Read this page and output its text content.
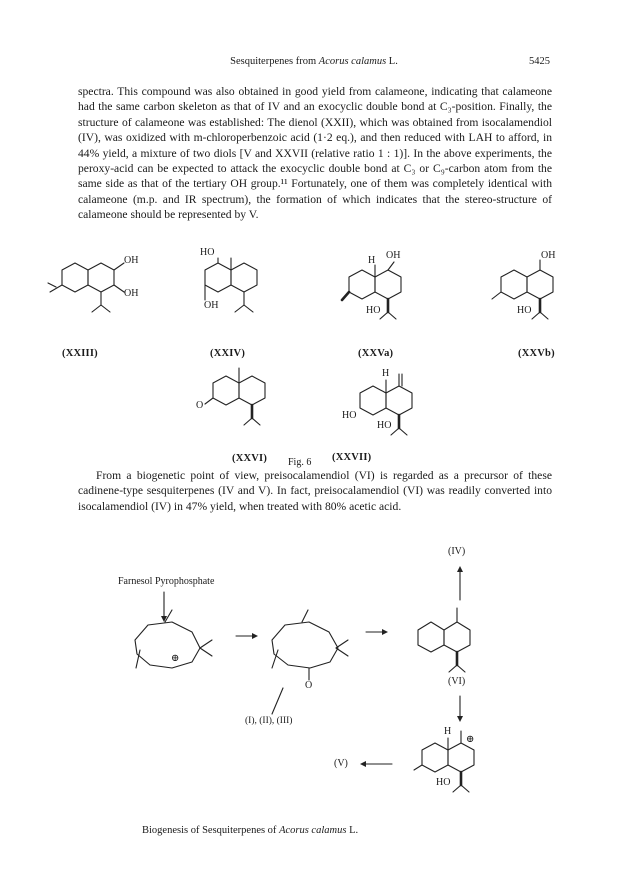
Sesquiterpenes from Acorus calamus L.	5425

spectra. This compound was also obtained in good yield from calameone, indicating that calameone had the same carbon skeleton as that of IV and an exocyclic double bond at C₃-position. Finally, the structure of calameone was established: The dienol (XXII), which was obtained from isocalamendiol (IV), was oxidized with m-chloroperbenzoic acid (1·2 eq.), and then reduced with LAH to afford, in 44% yield, a mixture of two diols [V and XXVII (relative ratio 1 : 1)]. In the above experiments, the peroxy-acid can be expected to attack the exocyclic double bond at C₃ or C₉-carbon atom from the same side as that of the tertiary OH group.¹¹ Fortunately, one of them was completely identical with calameone (m.p. and IR spectrum), the formation of which indicates that the stereo-structure of calameone should be represented by V.

OH
OH
(XXIII)
HO
OH
(XXIV)
H OH
HO
(XXVa)
OH
HO
(XXVb)
O
(XXVI)
H
HO
HO
(XXVII)
Fig. 6

From a biogenetic point of view, preisocalamendiol (VI) is regarded as a precursor of these cadinene-type sesquiterpenes (IV and V). In fact, preisocalamendiol (VI) was readily converted into isocalamendiol (IV) in 47% yield, when treated with 80% acetic acid.

Farnesol Pyrophosphate
(IV)
⊕
O	(VI)
(I), (II), (III)
H
⊕
HO
(V)
Biogenesis of Sesquiterpenes of Acorus calamus L.
